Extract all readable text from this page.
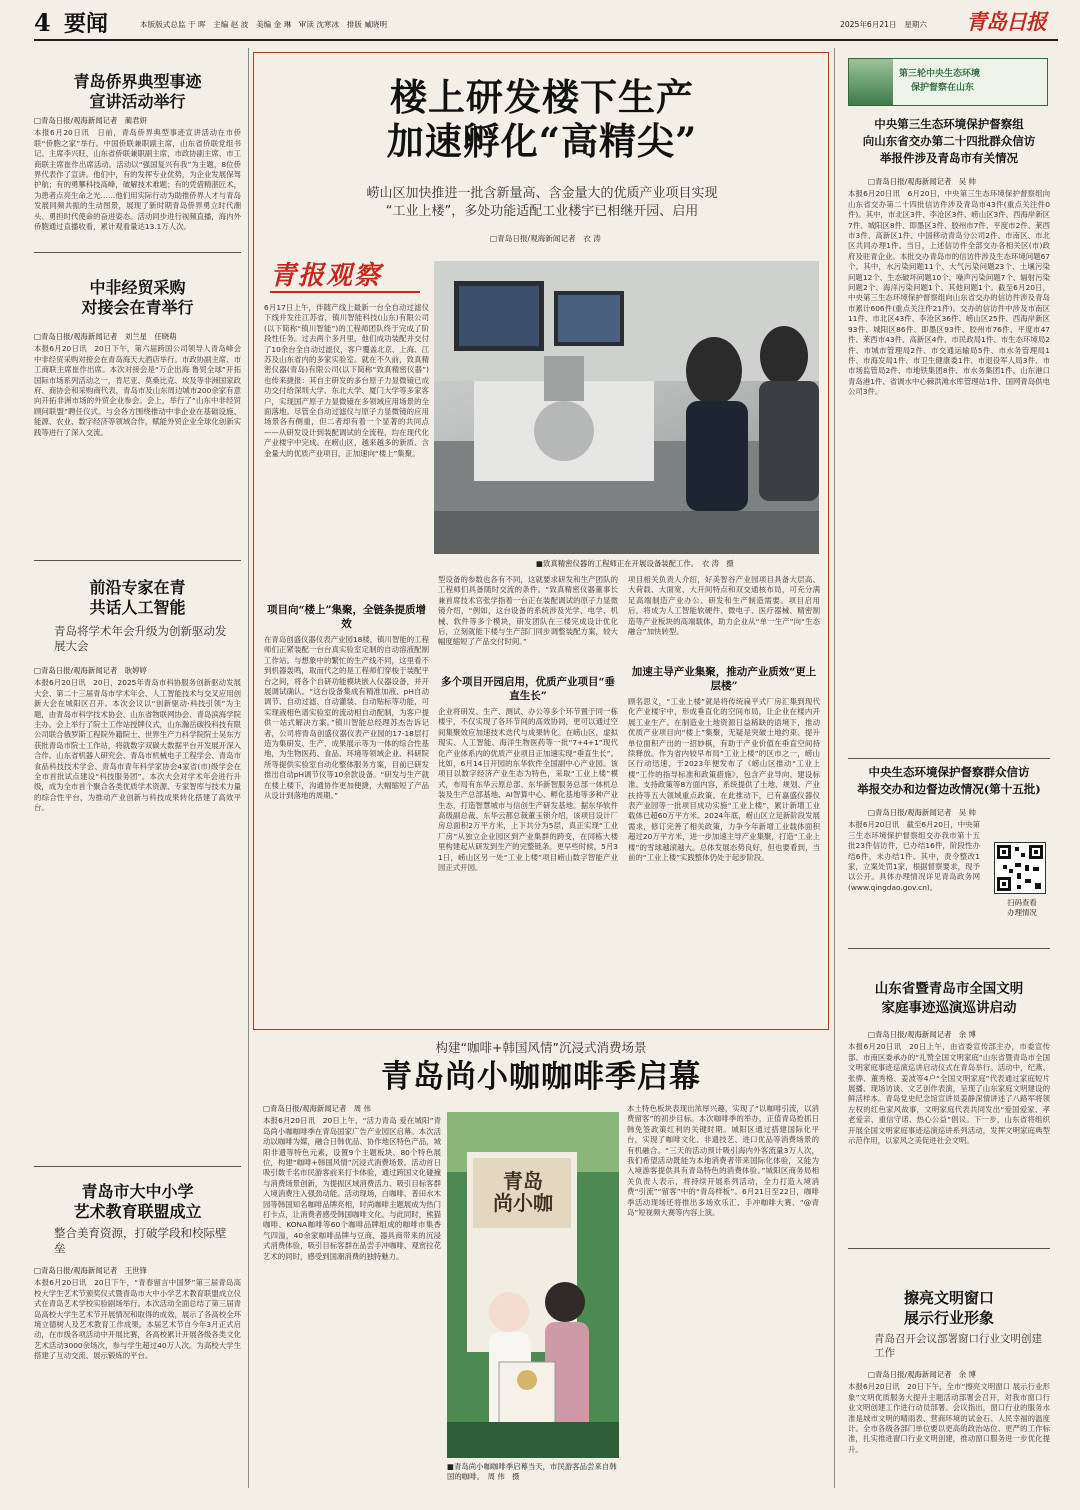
4 要闻	本版版式总监 于 晖　主编 赵 波　美编 金 琳　审读 沈寒冰　排版 臧晓明	2025年6月21日　星期六 青岛日报
青岛侨界典型事迹
宣讲活动举行
□青岛日报/观海新闻记者　蔺君妍
本报6月20日讯　日前，青岛侨界典型事迹宣讲活动在市侨联“侨胞之家”举行。中国侨联兼职副主席，山东省侨联党组书记、主席李兴旺，山东省侨联兼职副主席，市政协副主席、市工商联主席崔作出席活动。活动以“强国复兴有我”为主题，8位侨界代表作了宣讲。他们中，有的发挥专业优势，为企业发展保驾护航；有的勇攀科技高峰，破解技术难题；有的凭借精湛匠术，为患者点亮生命之光……他们用实际行动为助推侨界人才与青岛发展同频共振的生动图景，展现了新时期青岛侨界勇立时代潮头、勇担时代使命的奋进姿态。活动同步进行视频直播，海内外侨胞通过直播收看，累计观看量达13.1万人次。
中非经贸采购
对接会在青举行
□青岛日报/观海新闻记者　刘兰星　任晓萌
本报6月20日讯　20日下午，第六届跨国公司领导人青岛峰会中非经贸采购对接会在青岛海天大酒店举行。市政协副主席、市工商联主席崔作出席。本次对接会是“万企出海 鲁贸全球”开拓国际市场系列活动之一，肯尼亚、莫桑比克、埃及等非洲国家政府、商协会和采购商代表，青岛市及山东周边城市200余家有意向开拓非洲市场的外贸企业参会。会上，举行了“山东中非经贸顾问联盟”聘任仪式。与会各方围绕推动中非企业在基础设施、能源、农业、数字经济等领域合作，赋能外贸企业全球化创新实践等进行了深入交流。
前沿专家在青
共话人工智能
青岛将学术年会升级为创新驱动发展大会
□青岛日报/观海新闻记者　耿婷婷
本报6月20日讯　20日，2025年青岛市科协服务创新驱动发展大会、第二十三届青岛市学术年会、人工智能技术与交叉应用创新大会在城阳区召开。本次会议以“创新驱动·科技引领”为主题，由青岛市科学技术协会、山东省物联网协会、青岛滨海学院主办。会上举行了院士工作站授牌仪式，山东瀚岳碳投科技有限公司联合俄罗斯工程院外籍院士、世界生产力科学院院士吴东方获批青岛市院士工作站，将就数字双碳大数据平台开发展开深入合作。山东省机器人研究会、青岛市机械电子工程学会、青岛市食品科技技术学会、青岛市青年科学家协会4家省(市)级学会在全市首批试点建设“科技服务团”。本次大会对学术年会进行升级，成为全市首个聚合各类优质学术资源、专家智库与技术力量的综合性平台，为推动产业创新与科技成果转化搭建了高效平台。
青岛市大中小学
艺术教育联盟成立
整合美育资源，打破学段和校际壁垒
□青岛日报/观海新闻记者　王世锋
本报6月20日讯　20日下午，“青春留言中国梦”第三届青岛高校大学生艺术节颁奖仪式暨青岛市大中小学艺术教育联盟成立仪式在青岛艺术学校实验剧场举行。本次活动全面总结了第三届青岛高校大学生艺术节开展情况和取得的成效，展示了各高校全环境立德树人及艺术教育工作成果。本届艺术节自今年3月正式启动，在市级各项活动中开展比赛，各高校累计开展各级各类文化艺术活动3000余场次，参与学生超过40万人次。为高校大学生搭建了互动交流、展示锻炼的平台。
楼上研发楼下生产
加速孵化“高精尖”
崂山区加快推进一批含新量高、含金量大的优质产业项目实现
“工业上楼”，多处功能适配工业楼宇已相继开园、启用
□青岛日报/观海新闻记者　衣 涛
青报观察
■致真精密仪器的工程师正在开展设备装配工作。　衣 涛　摄
6月17日上午，伴随产线上最新一台全自动过滤仪下线并发往江苏省，镇川智能科技(山东)有限公司(以下简称“镇川智能”)的工程师团队终于完成了阶段性任务。过去两个多月里，他们成功装配并交付了10余台全自动过滤仪，客户覆盖北京、上海、江苏及山东省内的多家实验室。就在不久前，致真精密仪器(青岛)有限公司(以下简称“致真精密仪器”)也传来捷报：其自主研发的多台原子力显微镜已成功交付给深圳大学、东北大学、厦门大学等多家客户，实现国产原子力显微镜在多领域应用场景的全面落地。尽管全自动过滤仪与原子力显微镜的应用场景各有侧重，但二者却有着一个显著的共同点——从研发设计到装配调试的全流程，均在现代化产业楼宇中完成。在崂山区，越来越多的新质、含金量大的优质产业项目，正加速向“楼上”集聚。
项目向“楼上”集聚，全链条提质增效
在青岛创盛仪器仪表产业园18楼，镇川智能的工程师们正紧装配一台台真实验室定制的自动溶液配制工作站。与想象中的繁忙的生产线不同，这里看不到机器轰鸣，取而代之的是工程师们穿梭于装配平台之间，将各个自研功能模块嵌入仪器设备，并开展调试确认。“这台设备集成有精准加液、pH自动调节、自动过滤、自动灌装、自动贴标等功能，可实现液相色谱实验室的流动相自动配制，为客户提供一站式解决方案。”镇川智能总经理苏杰告诉记者，公司将青岛创盛仪器仪表产业园的17-18层打造为集研发、生产、成果展示等为一体的综合性基地，为生物医药、食品、环境等领域企业、科研院所等提供实验室自动化整体服务方案，目前已研发推出自动pH调节仪等10余款设备。“研发与生产就在楼上楼下，沟通协作更加便捷，大幅缩短了产品从设计到落地的周期。”
型设备的参数也各有不同，这就要求研发和生产团队的工程师们具备随时交流的条件。“致真精密仪器董事长兼首席技术官张学指着一台正在装配调试的原子力显微镜介绍，“例如，这台设备的系统涉及光学、电学、机械、软件等多个模块，研发团队在三楼完成设计优化后，立刻就能下楼与生产部门同步调整装配方案，较大幅度缩短了产品交付时间。”
多个项目开园启用，优质产业项目“垂直生长”
企业将研发、生产、测试、办公等多个环节置于同一栋楼宇，不仅实现了各环节间的高效协同，更可以通过空间集聚效应加速技术迭代与成果转化。在崂山区，虚拟现实、人工智能、海洋生物医药等一批“7+4+1”现代化产业体系内的优质产业项目正加速实现“垂直生长”。比如，6月14日开园的东华软件全国副中心产业园。该项目以数字经济产业生态为特色，采取“工业上楼”模式，布局有东华云原总部、东华新智服务总部一体机总装及生产总部基地、AI智算中心、孵化基地等多种产业生态，打造智慧城市与信创生产研发基地。据东华软件高级副总裁、东华云都总裁董玉锁介绍，该项目设计厂房总面积2万平方米，上下共分为5层，真正实现“工业厂房”从独立企业园区到产业集群的跨变，在同栋大楼里构建起从研发到生产的完整链条。更早些时候，5月31日，崂山区另一处“工业上楼”项目崂山数字智能产业园正式开园。
项目相关负责人介绍，好美智谷产业园项目具备大层高、大荷载、大面宽、大开间特点和双交通核布局，可充分满足高端制造产业办公、研发和生产制造需要。项目启用后，将成为人工智能软硬件、微电子、医疗器械、精密制造等产业板块的高端载体，助力企业从“单一生产”向“生态融合”加快转型。
加速主导产业集聚，推动产业质效“更上层楼”
顾名思义，“工业上楼”就是将传统扁平式厂房汇集到现代化产业楼宇中，形成垂直化的空间布局，让企业在楼内开展工业生产。在制造业土地资源日益稀缺的语境下，推动优质产业项目向“楼上”集聚，无疑是突破土地约束、提升单位面积产出的一招妙棋，有助于产业价值在垂直空间持续释放。作为省内较早布局“工业上楼”的区市之一，崂山区行动迅速，于2023年便发布了《崂山区推动“工业上楼”工作的指导标准和政策措施》，包含产业导向、建设标准、支持政策等8方面内容，系统提供了土地、规划、产业扶持等五大领域重点政策。在此推动下，已有嘉盛仪器仪表产业园等一批项目成功实施“工业上楼”，累计新增工业载体已超60万平方米。2024年底，崂山区立足新阶段发展需求，修订完善了相关政策，力争今年新增工业载体面积超过20万平方米，进一步加速主导产业集聚，打造“工业上楼”的雪球越滚越大。总体发展态势良好，但也要看到，当前的“工业上楼”实践整体仍处于起步阶段。
构建“咖啡+韩国风情”沉浸式消费场景
青岛尚小咖咖啡季启幕
□青岛日报/观海新闻记者　周 伟
本报6月20日讯　20日上午，“活力青岛 爱在城阳”青岛尚小咖咖啡季在青岛国家广告产业园区启幕。本次活动以咖啡为媒，融合日韩优品、协作地区特色产品，城阳非遗等特色元素，设置9个主题板块、80个特色展位，构建“咖啡+韩国风情”沉浸式消费场景。活动首日吸引数千名市民游客前来打卡体验，通过跨国文化碰撞与消费场景创新，为提振区域消费活力、吸引目标客群入境消费注入强劲动能。活动现场，白咖啡、普田水木园等韩国知名咖啡品牌亮相，时尚咖啡主题展成为热门打卡点，让消费者感受韩国咖啡文化。与此同时，熊猫咖啡、KONA咖啡等60个咖啡品牌组成的咖啡市集香气四溢，40余家咖啡品牌与豆商、器具商带来的沉浸式消费体验，吸引目标客群在品尝手冲咖啡、观赏拉花艺术的同时，感受到国潮消费的独特魅力。
青岛
尚小咖
■青岛尚小咖咖啡季启幕当天，市民游客品尝来自韩国的咖啡。　周 伟　摄
本土特色板块表现出浓厚兴趣，实现了“以咖啡引流，以消费留客”的初步目标。本次咖啡季的举办，正值青岛抢抓日韩免签政策红利的关键时期。城阳区通过搭建国际化平台，实现了咖啡文化、非遗技艺、进口优品等消费场景的有机融合。“三天的活动预计吸引海内外客流量3万人次，我们希望活动既能为本地消费者带来国际化体验，又能为入境游客提供具有青岛特色的消费体验。”城阳区商务局相关负责人表示，将持续开展系列活动，全力打造入境消费“引流”“留客”中的“青岛样板”。6月21日至22日，咖啡季活动现场还将推出多场欢乐汇、手冲咖啡大赛、“@青岛”短视频大赛等内容上演。
第三轮中央生态环境
保护督察在山东
中央第三生态环境保护督察组
向山东省交办第二十四批群众信访
举报件涉及青岛市有关情况
□青岛日报/观海新闻记者　吴 帅
本报6月20日讯　6月20日，中央第三生态环境保护督察组向山东省交办第二十四批信访件涉及青岛市43件(重点关注件0件)。其中，市北区3件、李沧区3件、崂山区3件、西海岸新区7件、城阳区8件、即墨区3件、胶州市7件、平度市2件、莱西市3件、高新区1件、中国移动青岛分公司2件、市南区、市北区共同办理1件。当日，上述信访件全部交办各相关区(市)政府及驻青企业。本批交办青岛市的信访件涉及生态环境问题67个。其中，水污染问题11个、大气污染问题23个、土壤污染问题12个、生态破坏问题10个、噪声污染问题7个、辐射污染问题2个、海洋污染问题1个、其他问题1个。截至6月20日，中央第三生态环境保护督察组向山东省交办的信访件涉及青岛市累计606件(重点关注件21件)。交办的信访件中涉及市南区11件、市北区43件、李沧区36件、崂山区25件、西海岸新区93件、城阳区86件、即墨区93件、胶州市76件、平度市47件、莱西市43件、高新区4件、市民政局1件、市生态环境局2件、市城市管理局2件、市交通运输局5件、市水务管理局1件、市海发局1件、市卫生健康委1件、市退役军人局3件、市市场监管局2件、市地铁集团8件、市水务集团1件、山东港口青岛港1件、省调水中心棘洪滩水库管理站1件、国网青岛供电公司3件。
中央生态环境保护督察群众信访
举报交办和边督边改情况(第十五批)
□青岛日报/观海新闻记者　吴 帅
本报6月20日讯　截至6月20日，中央第三生态环境保护督察组交办我市第十五批23件信访件，已办结16件，阶段性办结6件，未办结1件。其中，责令整改1家，立案处罚1家，根据督察要求，现予以公开。具体办理情况详见青岛政务网(www.qingdao.gov.cn)。
扫码查看
办理情况
山东省暨青岛市全国文明
家庭事迹巡演巡讲启动
□青岛日报/观海新闻记者　余 博
本报6月20日讯　20日上午，由省委宣传部主办，市委宣传部、市南区委承办的“礼赞全国文明家庭”山东省暨青岛市全国文明家庭事迹巡演巡讲启动仪式在青岛举行。活动中，纪燕、张骅、董秀格、姜波等4户“全国文明家庭”代表通过家庭短片展播、现场访谈、文艺创作表演，呈现了山东家庭文明建设的鲜活样本。青岛党史纪念馆宣讲员姜静深情讲述了八路军将领左权的红色家风故事，文明家庭代表共同发出“爱国爱家、孝老爱亲、重信守诺、热心公益”倡议。下一步，山东省将组织开展全国文明家庭事迹巡演巡讲系列活动，发挥文明家庭典型示范作用，以家风之美促进社会文明。
擦亮文明窗口
展示行业形象
青岛召开会议部署窗口行业文明创建工作
□青岛日报/观海新闻记者　余 博
本报6月20日讯　20日下午，全市“擦亮文明窗口 展示行业形象”文明优质服务大提升主题活动部署会召开，对我市窗口行业文明创建工作进行动员部署。会议指出，窗口行业的服务水准是城市文明的晴雨表、营商环境的试金石、人民幸福的温度计。全市各级各部门单位要以更高的政治站位、更严的工作标准，扎实推进窗口行业文明创建，推动窗口服务进一步优化提升。
